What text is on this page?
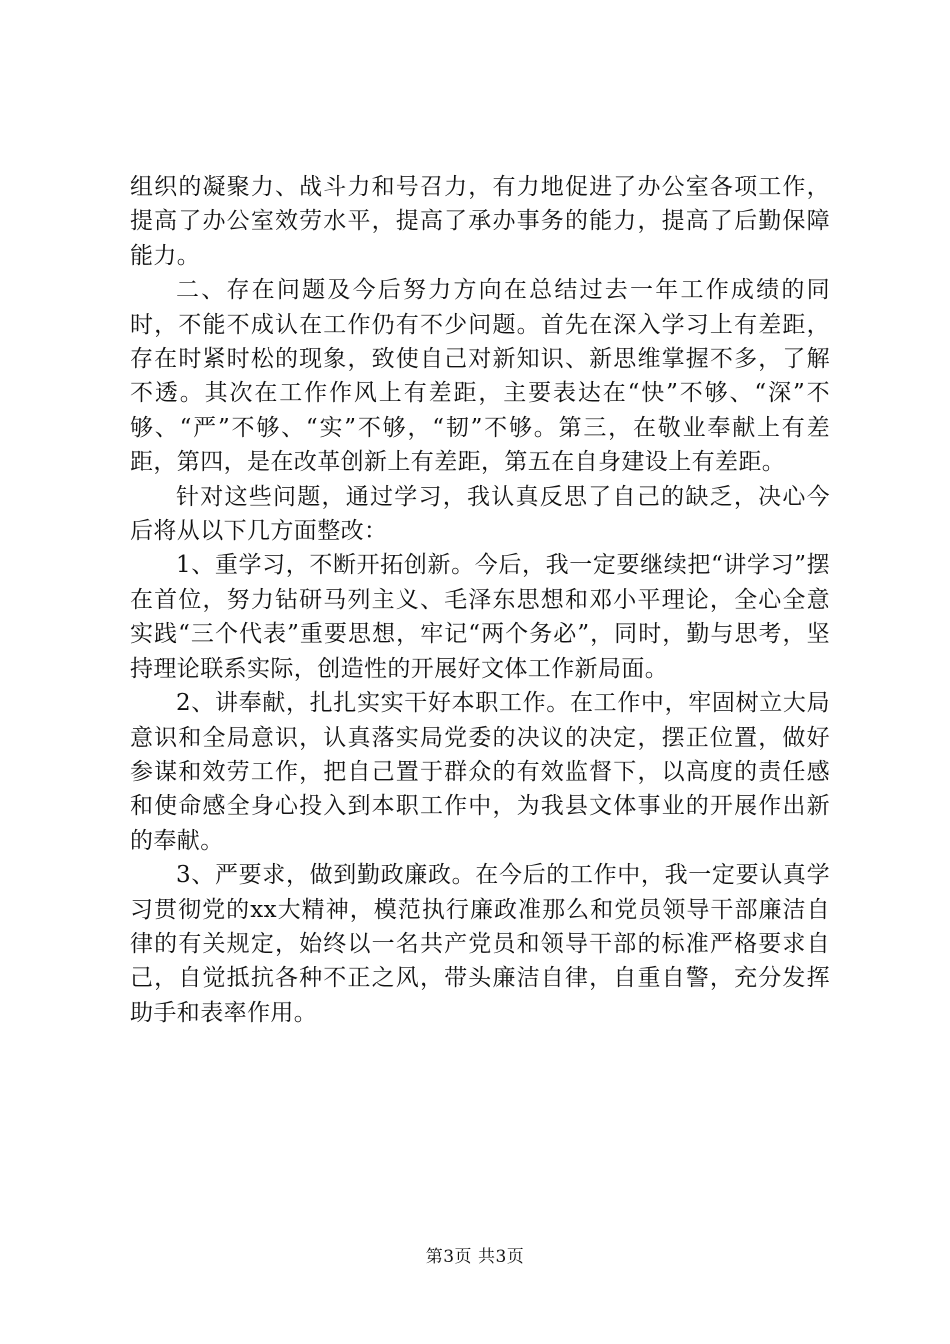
组织的凝聚力、战斗力和号召力，有力地促进了办公室各项工作，提高了办公室效劳水平，提高了承办事务的能力，提高了后勤保障能力。

二、存在问题及今后努力方向在总结过去一年工作成绩的同时，不能不成认在工作仍有不少问题。首先在深入学习上有差距，存在时紧时松的现象，致使自己对新知识、新思维掌握不多，了解不透。其次在工作作风上有差距，主要表达在“快”不够、“深”不够、“严”不够、“实”不够，“韧”不够。第三，在敬业奉献上有差距，第四，是在改革创新上有差距，第五在自身建设上有差距。

针对这些问题，通过学习，我认真反思了自己的缺乏，决心今后将从以下几方面整改：

1、重学习，不断开拓创新。今后，我一定要继续把“讲学习”摆在首位，努力钻研马列主义、毛泽东思想和邓小平理论，全心全意实践“三个代表”重要思想，牢记“两个务必”，同时，勤与思考，坚持理论联系实际，创造性的开展好文体工作新局面。

2、讲奉献，扎扎实实干好本职工作。在工作中，牢固树立大局意识和全局意识，认真落实局党委的决议的决定，摆正位置，做好参谋和效劳工作，把自己置于群众的有效监督下，以高度的责任感和使命感全身心投入到本职工作中，为我县文体事业的开展作出新的奉献。

3、严要求，做到勤政廉政。在今后的工作中，我一定要认真学习贯彻党的xx大精神，模范执行廉政准那么和党员领导干部廉洁自律的有关规定，始终以一名共产党员和领导干部的标准严格要求自己，自觉抵抗各种不正之风，带头廉洁自律，自重自警，充分发挥助手和表率作用。

第3页 共3页
